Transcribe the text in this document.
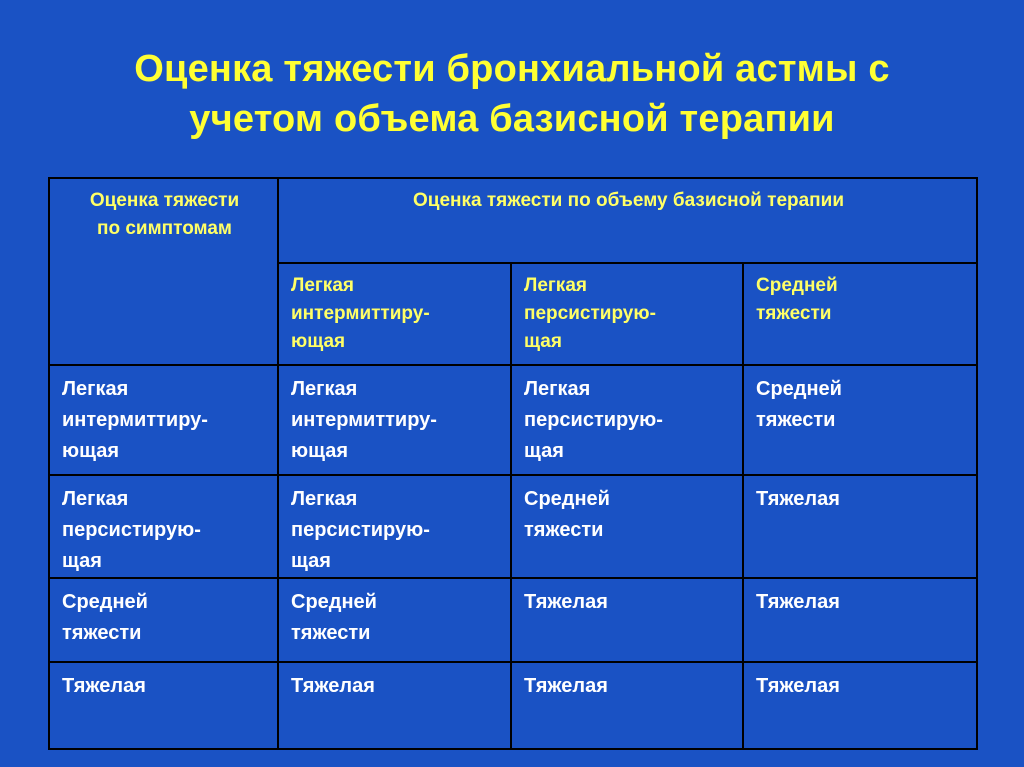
Оценка тяжести бронхиальной астмы с
учетом объема базисной терапии
Оценка тяжести
по симптомам	Оценка тяжести по объему базисной терапии		

	Легкая
интермиттиру-
ющая	Легкая
персистирую-
щая	Средней
тяжести

Легкая
интермиттиру-
ющая	Легкая
интермиттиру-
ющая	Легкая
персистирую-
щая	Средней
тяжести

Легкая
персистирую-
щая	Легкая
персистирую-
щая	Средней
тяжести	Тяжелая

Средней
тяжести	Средней
тяжести	Тяжелая	Тяжелая

Тяжелая	Тяжелая	Тяжелая	Тяжелая
